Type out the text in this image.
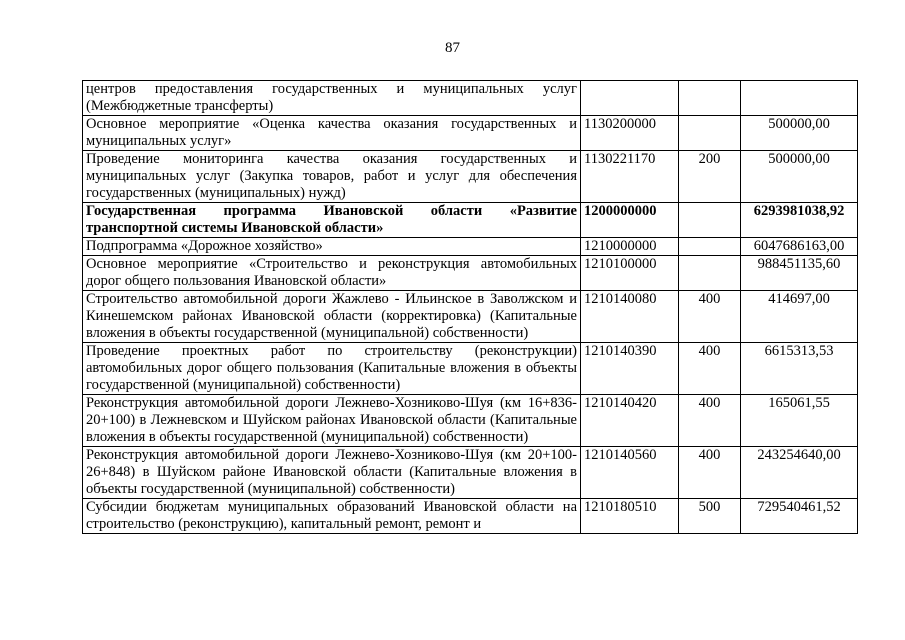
87
центров предоставления государственных и муниципальных услуг (Межбюджетные трансферты)			
Основное мероприятие «Оценка качества оказания государственных и муниципальных услуг»	1130200000		500000,00
Проведение мониторинга качества оказания государственных и муниципальных услуг (Закупка товаров, работ и услуг для обеспечения государственных (муниципальных) нужд)	1130221170	200	500000,00
Государственная программа Ивановской области «Развитие транспортной системы Ивановской области»	1200000000		6293981038,92
Подпрограмма «Дорожное хозяйство»	1210000000		6047686163,00
Основное мероприятие «Строительство и реконструкция автомобильных дорог общего пользования Ивановской области»	1210100000		988451135,60
Строительство автомобильной дороги Жажлево - Ильинское в Заволжском и Кинешемском районах Ивановской области (корректировка) (Капитальные вложения в объекты государственной (муниципальной) собственности)	1210140080	400	414697,00
Проведение проектных работ по строительству (реконструкции) автомобильных дорог общего пользования (Капитальные вложения в объекты государственной (муниципальной) собственности)	1210140390	400	6615313,53
Реконструкция автомобильной дороги Лежнево-Хозниково-Шуя (км 16+836-20+100) в Лежневском и Шуйском районах Ивановской области (Капитальные вложения в объекты государственной (муниципальной) собственности)	1210140420	400	165061,55
Реконструкция автомобильной дороги Лежнево-Хозниково-Шуя (км 20+100-26+848) в Шуйском районе Ивановской области (Капитальные вложения в объекты государственной (муниципальной) собственности)	1210140560	400	243254640,00
Субсидии бюджетам муниципальных образований Ивановской области на строительство (реконструкцию), капитальный ремонт, ремонт и	1210180510	500	729540461,52
